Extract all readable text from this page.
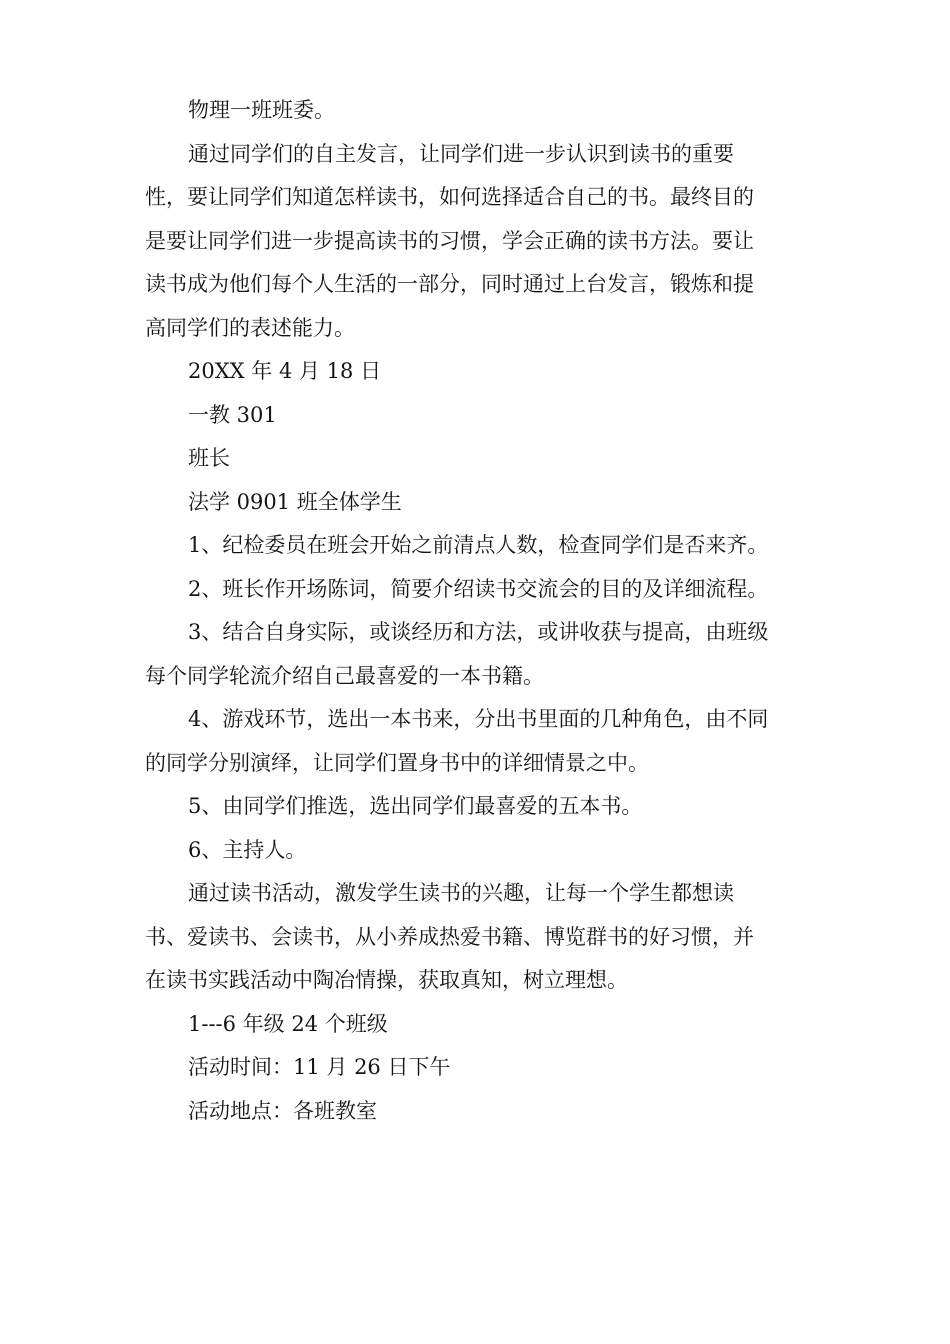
物理一班班委。
通过同学们的自主发言，让同学们进一步认识到读书的重要
性，要让同学们知道怎样读书，如何选择适合自己的书。最终目的
是要让同学们进一步提高读书的习惯，学会正确的读书方法。要让
读书成为他们每个人生活的一部分，同时通过上台发言，锻炼和提
高同学们的表述能力。
20XX 年 4 月 18 日
一教 301
班长
法学 0901 班全体学生
1、纪检委员在班会开始之前清点人数，检查同学们是否来齐。
2、班长作开场陈词，简要介绍读书交流会的目的及详细流程。
3、结合自身实际，或谈经历和方法，或讲收获与提高，由班级
每个同学轮流介绍自己最喜爱的一本书籍。
4、游戏环节，选出一本书来，分出书里面的几种角色，由不同
的同学分别演绎，让同学们置身书中的详细情景之中。
5、由同学们推选，选出同学们最喜爱的五本书。
6、主持人。
通过读书活动，激发学生读书的兴趣，让每一个学生都想读
书、爱读书、会读书，从小养成热爱书籍、博览群书的好习惯，并
在读书实践活动中陶冶情操，获取真知，树立理想。
1---6 年级 24 个班级
活动时间：11 月 26 日下午
活动地点：各班教室
